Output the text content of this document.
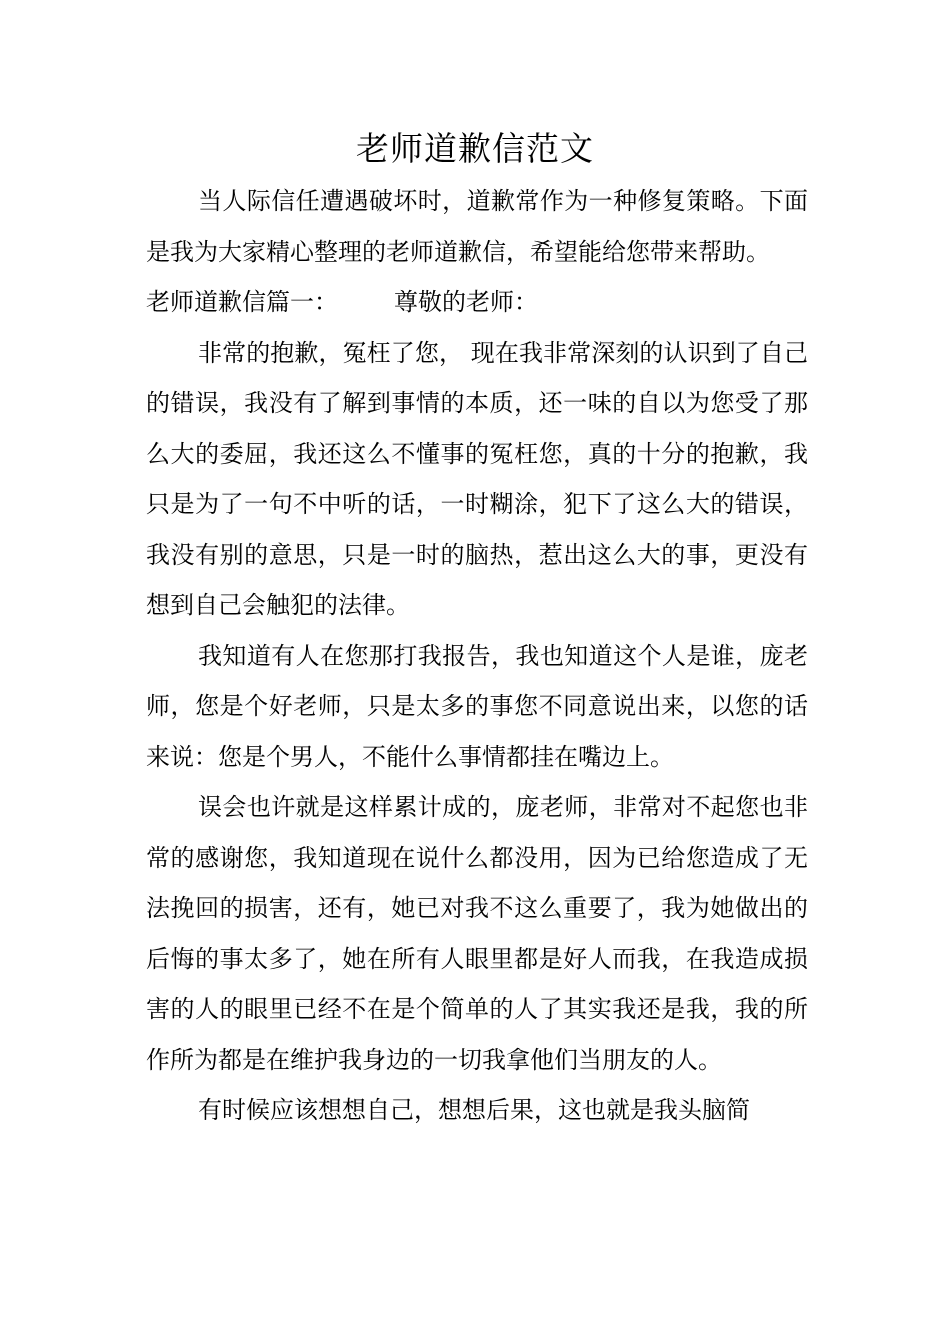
老师道歉信范文

当人际信任遭遇破坏时，道歉常作为一种修复策略。下面是我为大家精心整理的老师道歉信，希望能给您带来帮助。

老师道歉信篇一： 尊敬的老师：

非常的抱歉，冤枉了您， 现在我非常深刻的认识到了自己的错误，我没有了解到事情的本质，还一味的自以为您受了那么大的委屈，我还这么不懂事的冤枉您，真的十分的抱歉，我只是为了一句不中听的话，一时糊涂，犯下了这么大的错误，我没有别的意思，只是一时的脑热，惹出这么大的事，更没有想到自己会触犯的法律。

我知道有人在您那打我报告，我也知道这个人是谁，庞老师，您是个好老师，只是太多的事您不同意说出来，以您的话来说：您是个男人，不能什么事情都挂在嘴边上。

误会也许就是这样累计成的，庞老师，非常对不起您也非常的感谢您，我知道现在说什么都没用，因为已给您造成了无法挽回的损害，还有，她已对我不这么重要了，我为她做出的后悔的事太多了，她在所有人眼里都是好人而我，在我造成损害的人的眼里已经不在是个简单的人了其实我还是我，我的所作所为都是在维护我身边的一切我拿他们当朋友的人。

有时候应该想想自己，想想后果，这也就是我头脑简
